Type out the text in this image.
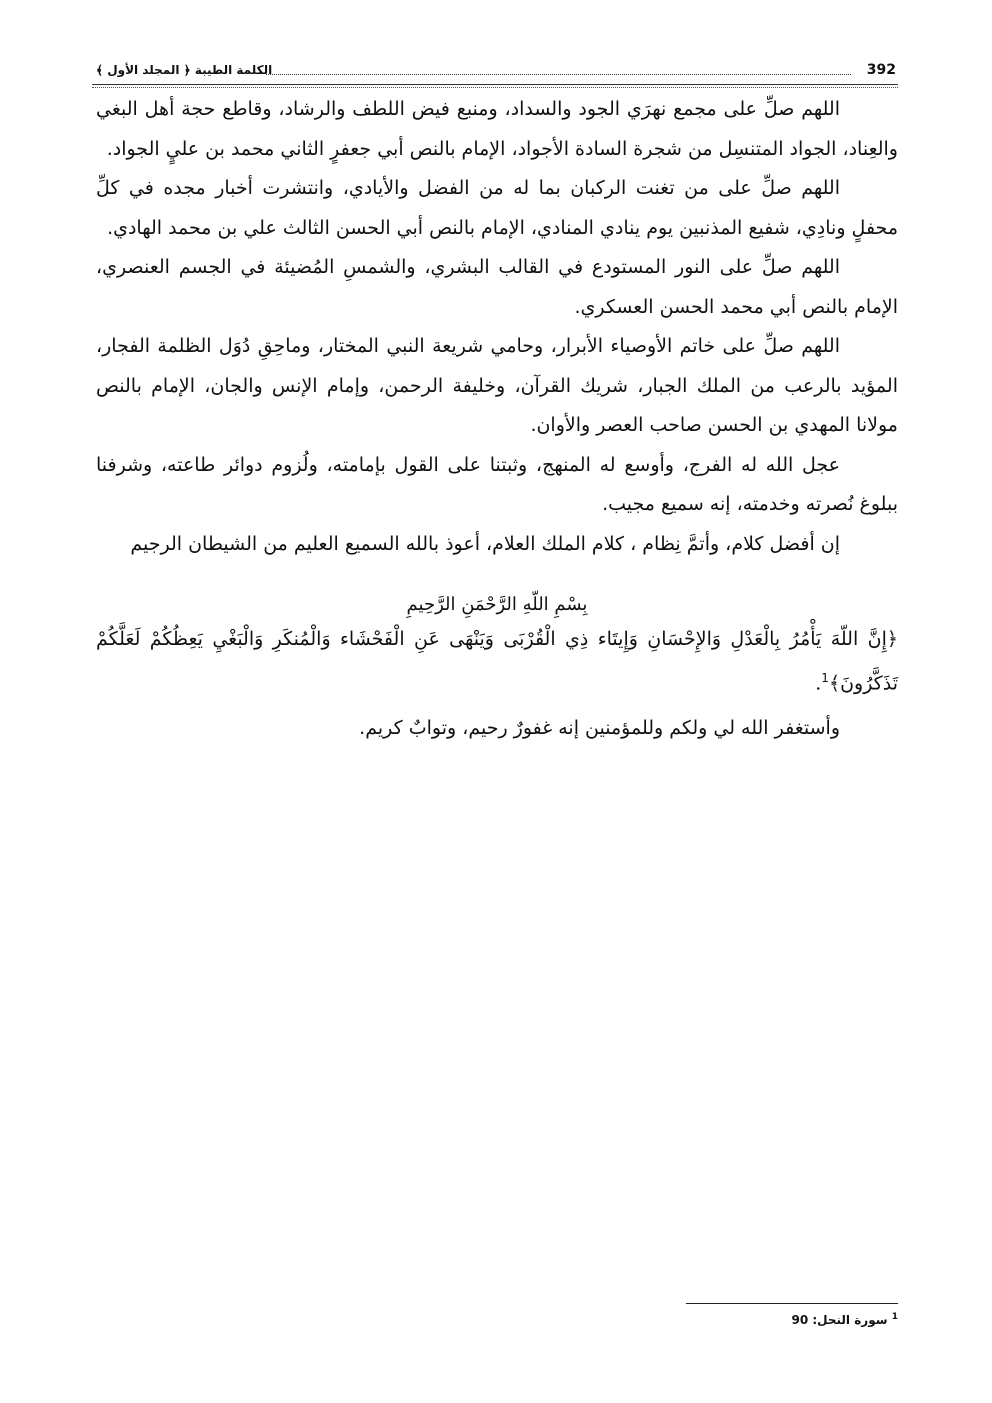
392
الكلمة الطيبة ﴿ المجلد الأول ﴾

اللهم صلِّ على مجمع نهرَي الجود والسداد، ومنبع فيض اللطف والرشاد، وقاطع حجة أهل البغي والعِناد، الجواد المتنسِل من شجرة السادة الأجواد، الإمام بالنص أبي جعفرٍ الثاني محمد بن عليٍ الجواد.

اللهم صلِّ على من تغنت الركبان بما له من الفضل والأيادي، وانتشرت أخبار مجده في كلِّ محفلٍ ونادِي، شفيع المذنبين يوم ينادي المنادي، الإمام بالنص أبي الحسن الثالث علي بن محمد الهادي.

اللهم صلِّ على النور المستودع في القالب البشري، والشمسِ المُضيئة في الجسم العنصري، الإمام بالنص أبي محمد الحسن العسكري.

اللهم صلِّ على خاتم الأوصياء الأبرار، وحامي شريعة النبي المختار، وماحِقِ دُوَل الظلمة الفجار، المؤيد بالرعب من الملك الجبار، شريك القرآن، وخليفة الرحمن، وإمام الإنس والجان، الإمام بالنص مولانا المهدي بن الحسن صاحب العصر والأوان.

عجل الله له الفرج، وأوسع له المنهج، وثبتنا على القول بإمامته، ولُزوم دوائر طاعته، وشرفنا ببلوغ نُصرته وخدمته، إنه سميع مجيب.

إن أفضل كلام، وأتمَّ نِظام ، كلام الملك العلام، أعوذ بالله السميع العليم من الشيطان الرجيم

بِسْمِ اللّهِ الرَّحْمَنِ الرَّحِيمِ

﴿إِنَّ اللّهَ يَأْمُرُ بِالْعَدْلِ وَالإِحْسَانِ وَإِيتَاء ذِي الْقُرْبَى وَيَنْهَى عَنِ الْفَحْشَاء وَالْمُنكَرِ وَالْبَغْيِ يَعِظُكُمْ لَعَلَّكُمْ تَذَكَّرُونَ﴾$^1$.

وأستغفر الله لي ولكم وللمؤمنين إنه غفورٌ رحيم، وتوابٌ كريم.

$^1$ سورة النحل: 90
